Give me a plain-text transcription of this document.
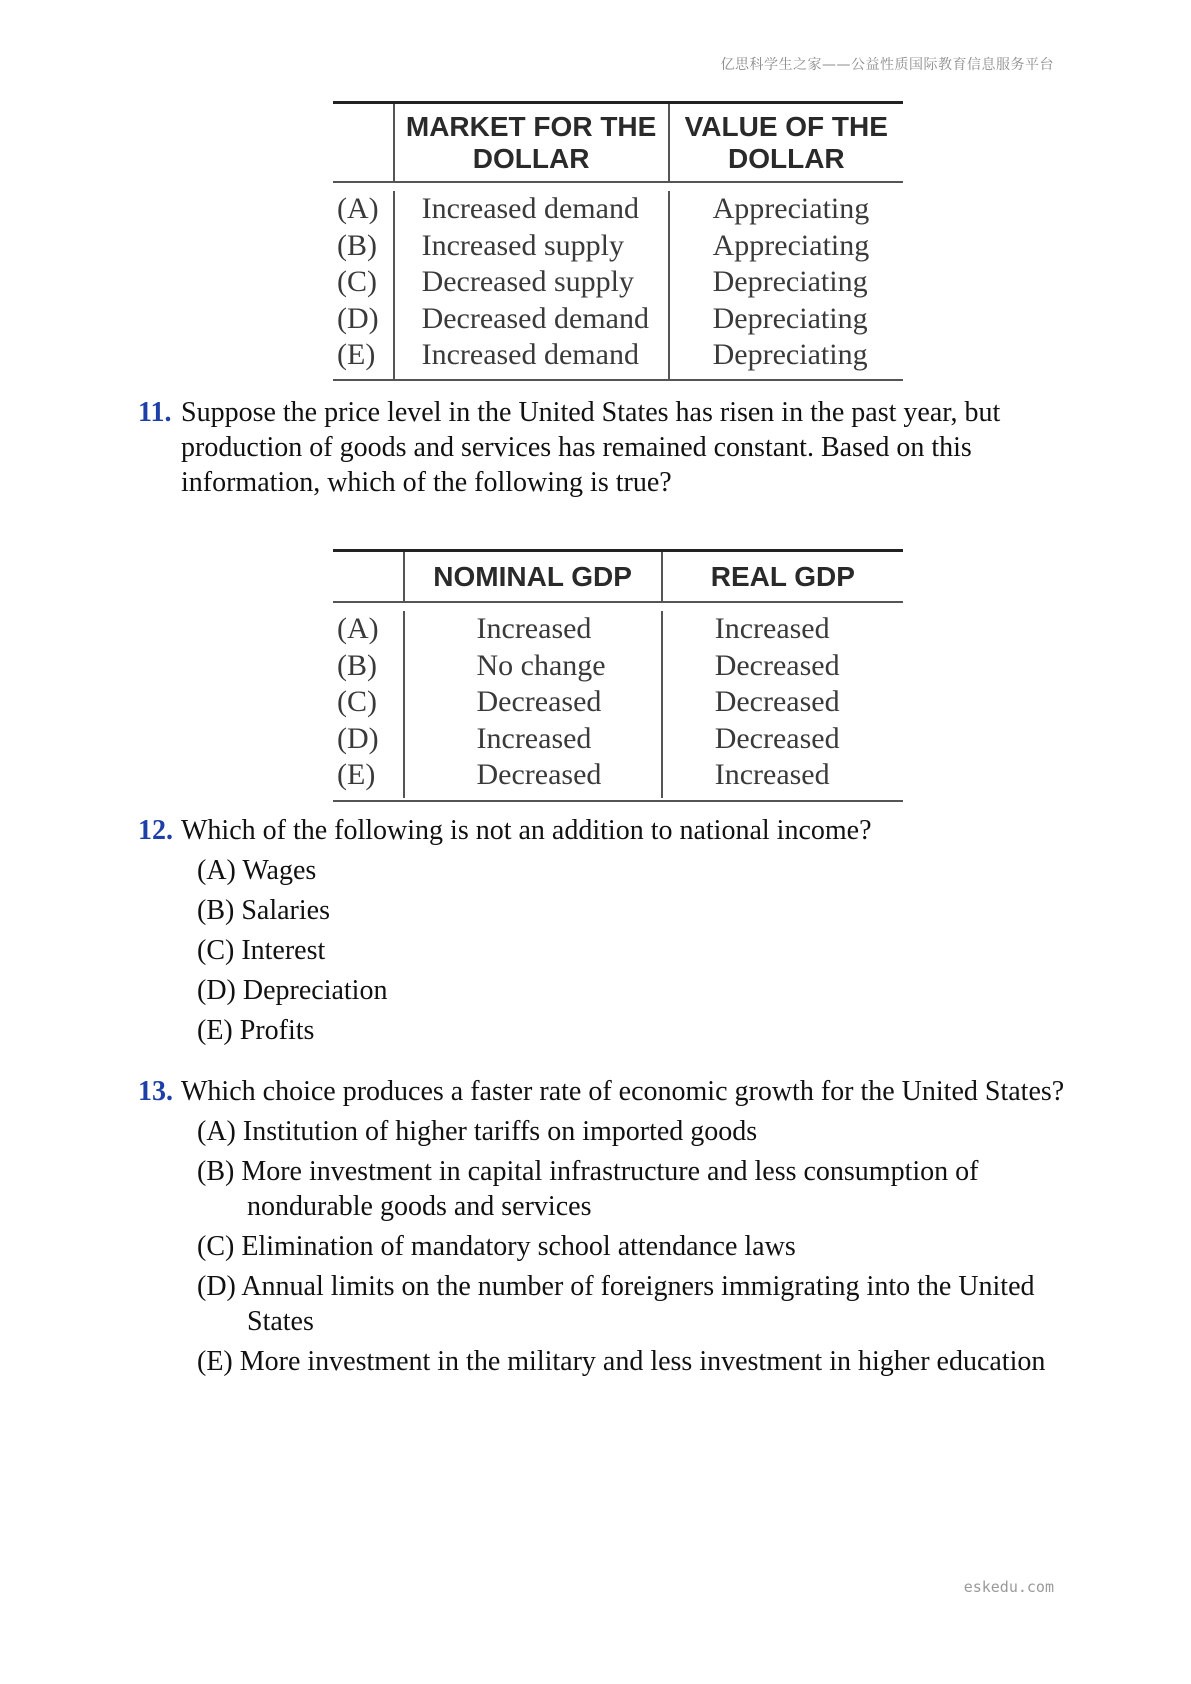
亿思科学生之家——公益性质国际教育信息服务平台
MARKET FOR THE DOLLAR
VALUE OF THE DOLLAR
(A)
(B)
(C)
(D)
(E)
Increased demand
Increased supply
Decreased supply
Decreased demand
Increased demand
Appreciating
Appreciating
Depreciating
Depreciating
Depreciating
11. Suppose the price level in the United States has risen in the past year, but production of goods and services has remained constant. Based on this information, which of the following is true?
NOMINAL GDP	REAL GDP
(A)
(B)
(C)
(D)
(E)
Increased
No change
Decreased
Increased
Decreased
Increased
Decreased
Decreased
Decreased
Increased
12. Which of the following is not an addition to national income?
(A) Wages
(B) Salaries
(C) Interest
(D) Depreciation
(E) Profits
13. Which choice produces a faster rate of economic growth for the United States?
(A) Institution of higher tariffs on imported goods
(B) More investment in capital infrastructure and less consumption of nondurable goods and services
(C) Elimination of mandatory school attendance laws
(D) Annual limits on the number of foreigners immigrating into the United States
(E) More investment in the military and less investment in higher education
eskedu.com
